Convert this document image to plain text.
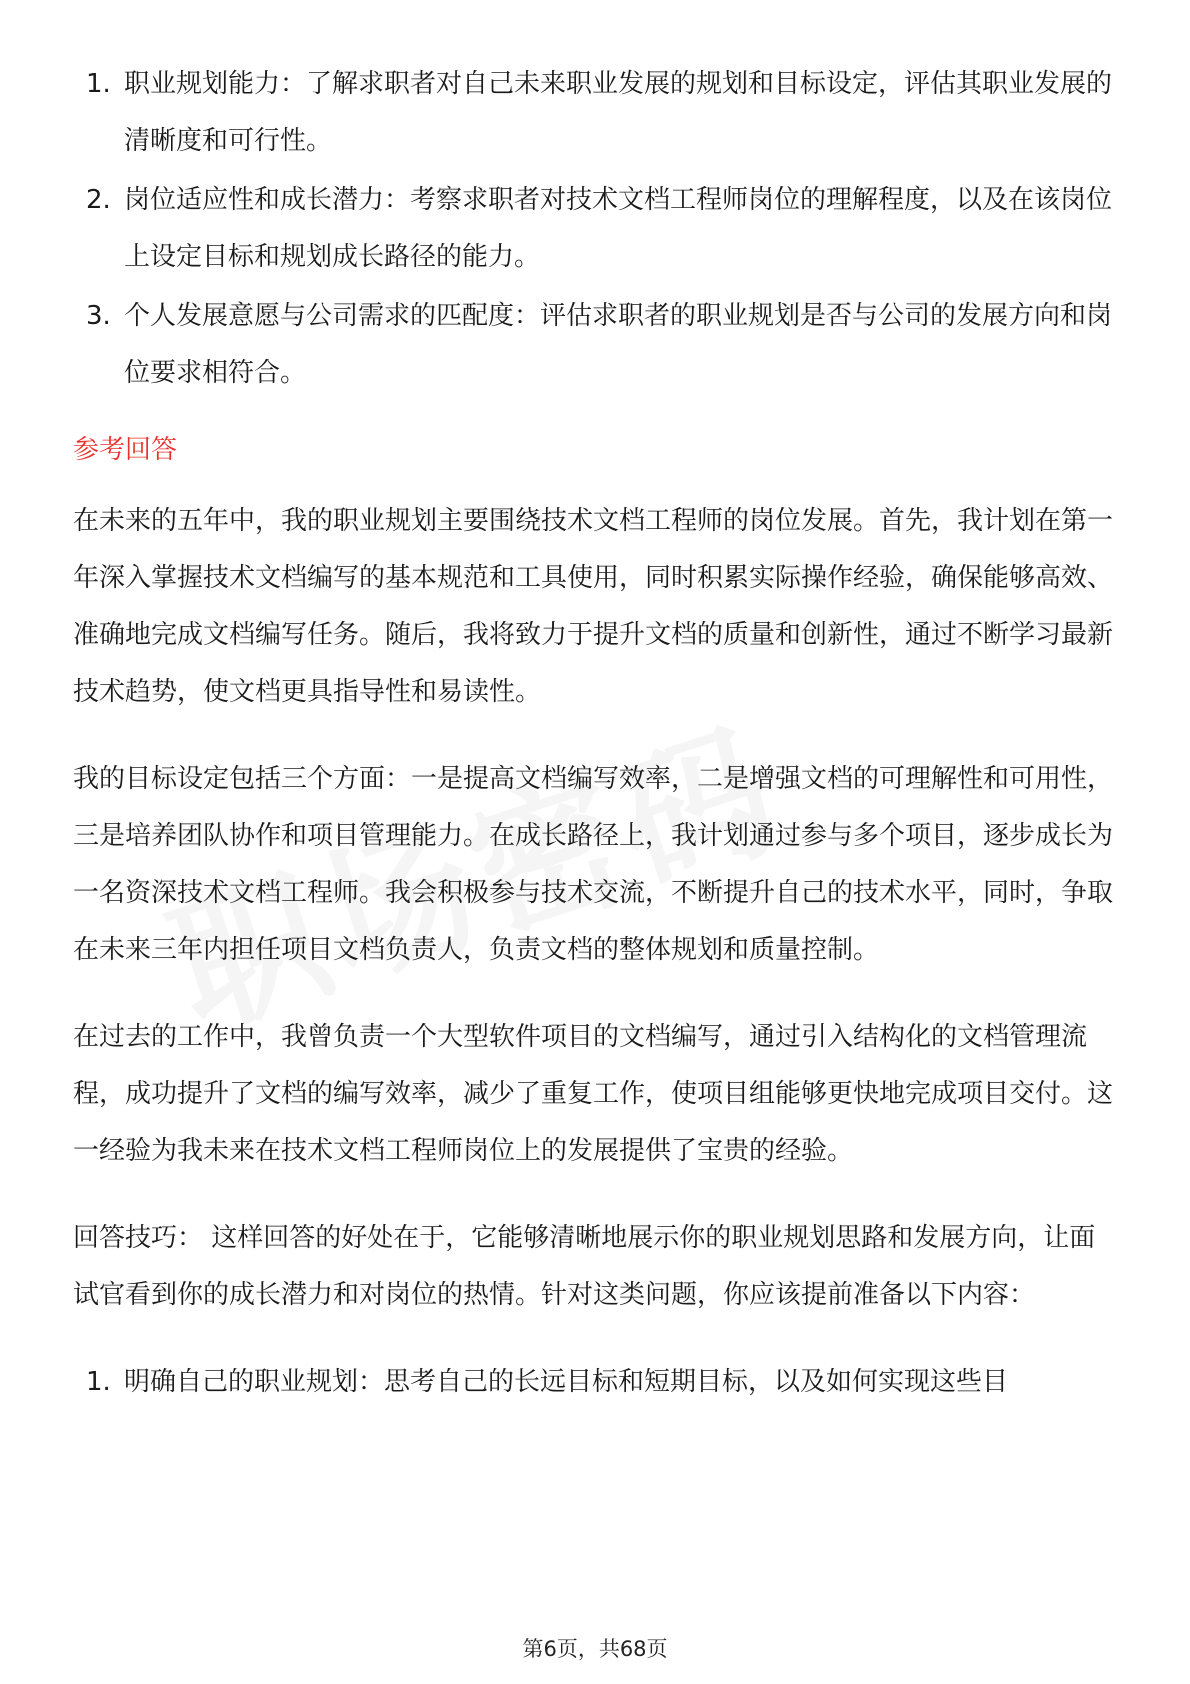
1. 职业规划能力：了解求职者对自己未来职业发展的规划和目标设定，评估其职业发展的清晰度和可行性。
2. 岗位适应性和成长潜力：考察求职者对技术文档工程师岗位的理解程度，以及在该岗位上设定目标和规划成长路径的能力。
3. 个人发展意愿与公司需求的匹配度：评估求职者的职业规划是否与公司的发展方向和岗位要求相符合。
参考回答

在未来的五年中，我的职业规划主要围绕技术文档工程师的岗位发展。首先，我计划在第一年深入掌握技术文档编写的基本规范和工具使用，同时积累实际操作经验，确保能够高效、准确地完成文档编写任务。随后，我将致力于提升文档的质量和创新性，通过不断学习最新技术趋势，使文档更具指导性和易读性。

我的目标设定包括三个方面：一是提高文档编写效率，二是增强文档的可理解性和可用性，三是培养团队协作和项目管理能力。在成长路径上，我计划通过参与多个项目，逐步成长为一名资深技术文档工程师。我会积极参与技术交流，不断提升自己的技术水平，同时，争取在未来三年内担任项目文档负责人，负责文档的整体规划和质量控制。

在过去的工作中，我曾负责一个大型软件项目的文档编写，通过引入结构化的文档管理流程，成功提升了文档的编写效率，减少了重复工作，使项目组能够更快地完成项目交付。这一经验为我未来在技术文档工程师岗位上的发展提供了宝贵的经验。

回答技巧： 这样回答的好处在于，它能够清晰地展示你的职业规划思路和发展方向，让面试官看到你的成长潜力和对岗位的热情。针对这类问题，你应该提前准备以下内容：

1. 明确自己的职业规划：思考自己的长远目标和短期目标，以及如何实现这些目
第6页，共68页
